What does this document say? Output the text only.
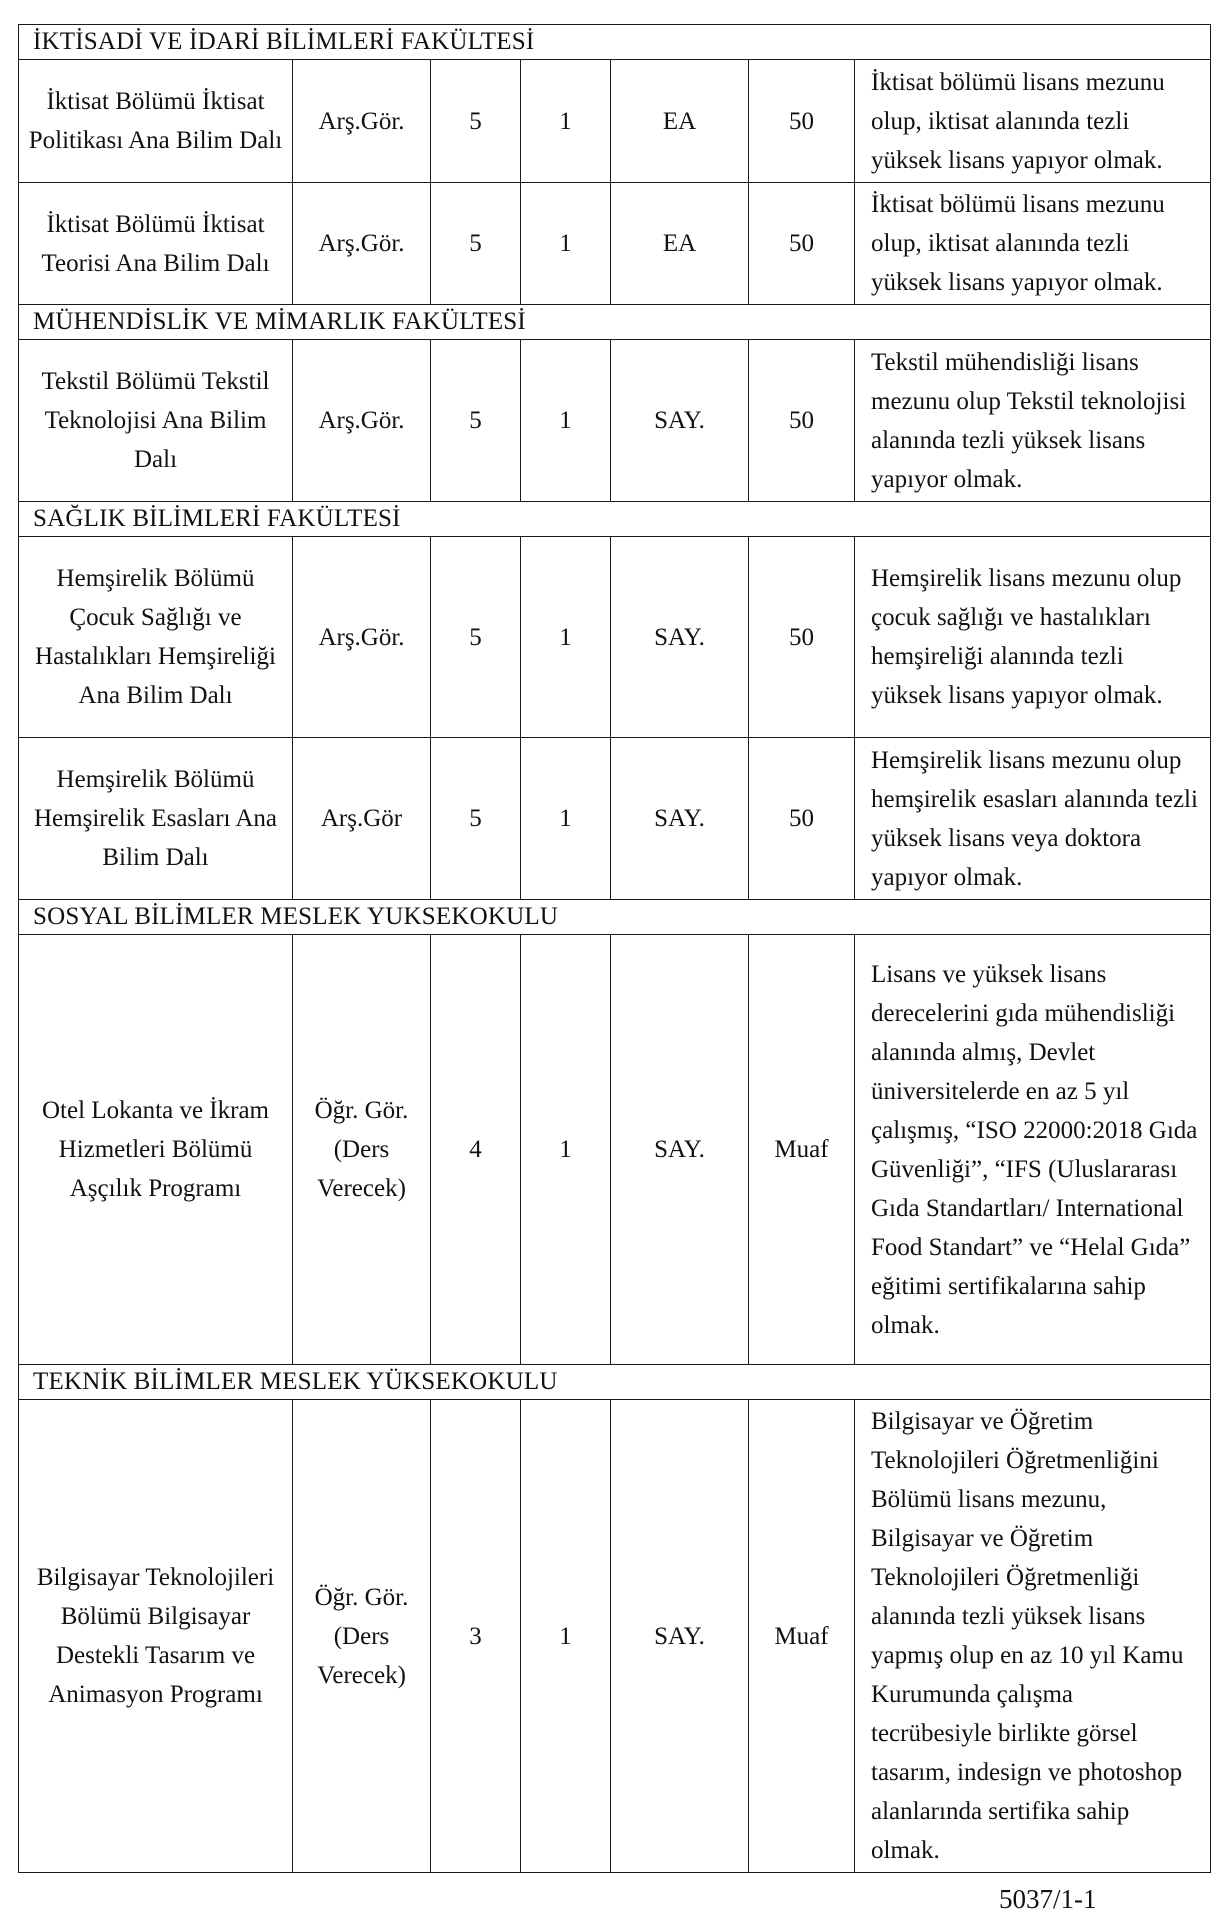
İKTİSADİ VE İDARİ BİLİMLERİ FAKÜLTESİ						
İktisat Bölümü İktisat Politikası Ana Bilim Dalı	Arş.Gör.	5	1	EA	50	İktisat bölümü lisans mezunu olup, iktisat alanında tezli yüksek lisans yapıyor olmak.
İktisat Bölümü İktisat Teorisi Ana Bilim Dalı	Arş.Gör.	5	1	EA	50	İktisat bölümü lisans mezunu olup, iktisat alanında tezli yüksek lisans yapıyor olmak.
MÜHENDİSLİK VE MİMARLIK FAKÜLTESİ						
Tekstil Bölümü Tekstil Teknolojisi Ana Bilim Dalı	Arş.Gör.	5	1	SAY.	50	Tekstil mühendisliği lisans mezunu olup Tekstil teknolojisi alanında tezli yüksek lisans yapıyor olmak.
SAĞLIK BİLİMLERİ FAKÜLTESİ						
Hemşirelik Bölümü Çocuk Sağlığı ve Hastalıkları Hemşireliği Ana Bilim Dalı	Arş.Gör.	5	1	SAY.	50	Hemşirelik lisans mezunu olup çocuk sağlığı ve hastalıkları hemşireliği alanında tezli yüksek lisans yapıyor olmak.
Hemşirelik Bölümü Hemşirelik Esasları Ana Bilim Dalı	Arş.Gör	5	1	SAY.	50	Hemşirelik lisans mezunu olup hemşirelik esasları alanında tezli yüksek lisans veya doktora yapıyor olmak.
SOSYAL BİLİMLER MESLEK YUKSEKOKULU						
Otel Lokanta ve İkram Hizmetleri Bölümü Aşçılık Programı	Öğr. Gör. (Ders Verecek)	4	1	SAY.	Muaf	Lisans ve yüksek lisans derecelerini gıda mühendisliği alanında almış, Devlet üniversitelerde en az 5 yıl çalışmış, “ISO 22000:2018 Gıda Güvenliği”, “IFS (Uluslararası Gıda Standartları/ International Food Standart” ve “Helal Gıda” eğitimi sertifikalarına sahip olmak.
TEKNİK BİLİMLER MESLEK YÜKSEKOKULU						
Bilgisayar Teknolojileri Bölümü Bilgisayar Destekli Tasarım ve Animasyon Programı	Öğr. Gör. (Ders Verecek)	3	1	SAY.	Muaf	Bilgisayar ve Öğretim Teknolojileri Öğretmenliğini Bölümü lisans mezunu, Bilgisayar ve Öğretim Teknolojileri Öğretmenliği alanında tezli yüksek lisans yapmış olup en az 10 yıl Kamu Kurumunda çalışma tecrübesiyle birlikte görsel tasarım, indesign ve photoshop alanlarında sertifika sahip olmak.
5037/1-1
